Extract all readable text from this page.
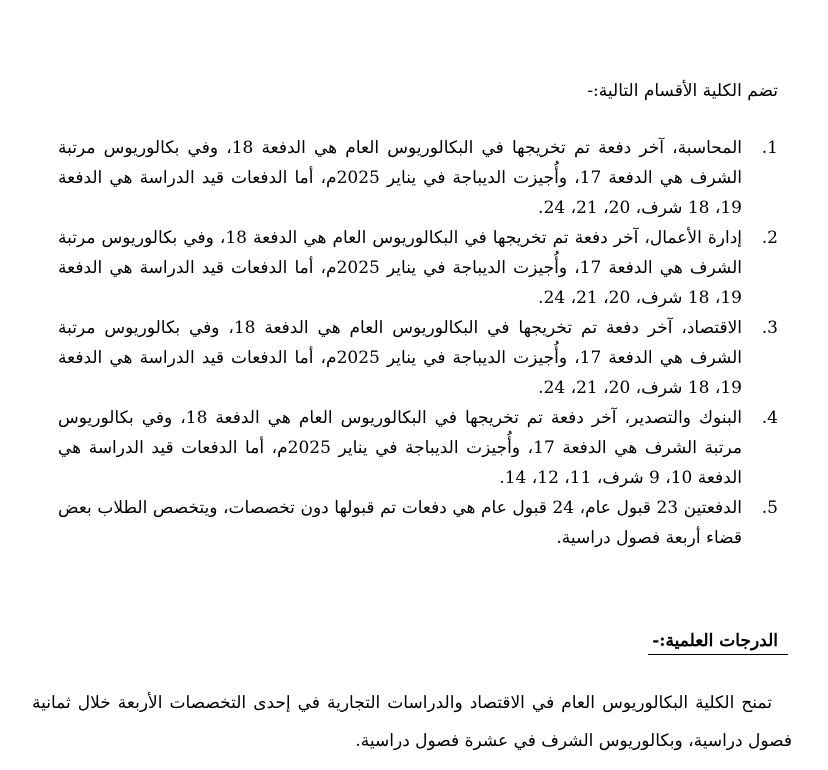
تضم الكلية الأقسام التالية:-
1.
المحاسبة، آخر دفعة تم تخريجها في البكالوريوس العام هي الدفعة 18، وفي بكالوريوس مرتبة الشرف هي الدفعة 17، وأُجيزت الديباجة في يناير 2025م، أما الدفعات قيد الدراسة هي الدفعة 19، 18 شرف، 20، 21، 24.
2.
إدارة الأعمال، آخر دفعة تم تخريجها في البكالوريوس العام هي الدفعة 18، وفي بكالوريوس مرتبة الشرف هي الدفعة 17، وأُجيزت الديباجة في يناير 2025م، أما الدفعات قيد الدراسة هي الدفعة 19، 18 شرف، 20، 21، 24.
3.
الاقتصاد، آخر دفعة تم تخريجها في البكالوريوس العام هي الدفعة 18، وفي بكالوريوس مرتبة الشرف هي الدفعة 17، وأُجيزت الديباجة في يناير 2025م، أما الدفعات قيد الدراسة هي الدفعة 19، 18 شرف، 20، 21، 24.
4.
البنوك والتصدير، آخر دفعة تم تخريجها في البكالوريوس العام هي الدفعة 18، وفي بكالوريوس مرتبة الشرف هي الدفعة 17، وأُجيزت الديباجة في يناير 2025م، أما الدفعات قيد الدراسة هي الدفعة 10، 9 شرف، 11، 12، 14.
5.
الدفعتين 23 قبول عام، 24 قبول عام هي دفعات تم قبولها دون تخصصات، ويتخصص الطلاب بعض قضاء أربعة فصول دراسية.
الدرجات العلمية:-
تمنح الكلية البكالوريوس العام في الاقتصاد والدراسات التجارية في إحدى التخصصات الأربعة خلال ثمانية فصول دراسية، وبكالوريوس الشرف في عشرة فصول دراسية.
